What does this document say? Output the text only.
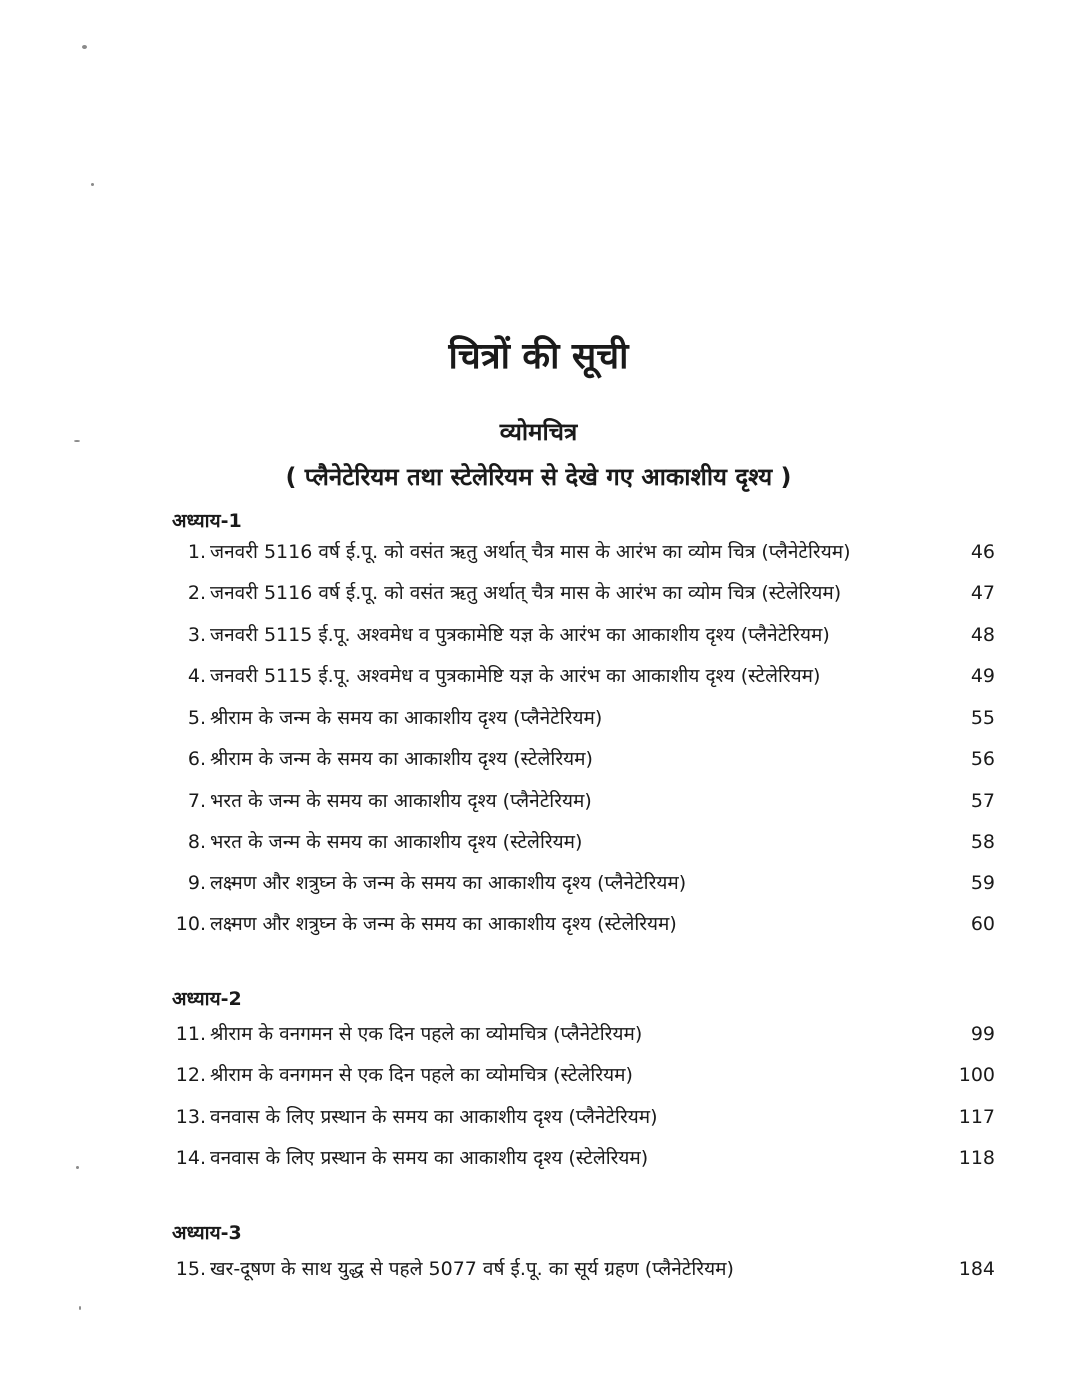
चित्रों की सूची
व्योमचित्र
( प्लैनेटेरियम तथा स्टेलेरियम से देखे गए आकाशीय दृश्य )
अध्याय-1
1. जनवरी 5116 वर्ष ई.पू. को वसंत ऋतु अर्थात् चैत्र मास के आरंभ का व्योम चित्र (प्लैनेटेरियम)	46
2. जनवरी 5116 वर्ष ई.पू. को वसंत ऋतु अर्थात् चैत्र मास के आरंभ का व्योम चित्र (स्टेलेरियम)	47
3. जनवरी 5115 ई.पू. अश्वमेध व पुत्रकामेष्टि यज्ञ के आरंभ का आकाशीय दृश्य (प्लैनेटेरियम)	48
4. जनवरी 5115 ई.पू. अश्वमेध व पुत्रकामेष्टि यज्ञ के आरंभ का आकाशीय दृश्य (स्टेलेरियम)	49
5. श्रीराम के जन्म के समय का आकाशीय दृश्य (प्लैनेटेरियम)	55
6. श्रीराम के जन्म के समय का आकाशीय दृश्य (स्टेलेरियम)	56
7. भरत के जन्म के समय का आकाशीय दृश्य (प्लैनेटेरियम)	57
8. भरत के जन्म के समय का आकाशीय दृश्य (स्टेलेरियम)	58
9. लक्ष्मण और शत्रुघ्न के जन्म के समय का आकाशीय दृश्य (प्लैनेटेरियम)	59
10. लक्ष्मण और शत्रुघ्न के जन्म के समय का आकाशीय दृश्य (स्टेलेरियम)	60
अध्याय-2
11. श्रीराम के वनगमन से एक दिन पहले का व्योमचित्र (प्लैनेटेरियम)	99
12. श्रीराम के वनगमन से एक दिन पहले का व्योमचित्र (स्टेलेरियम)	100
13. वनवास के लिए प्रस्थान के समय का आकाशीय दृश्य (प्लैनेटेरियम)	117
14. वनवास के लिए प्रस्थान के समय का आकाशीय दृश्य (स्टेलेरियम)	118
अध्याय-3
15. खर-दूषण के साथ युद्ध से पहले 5077 वर्ष ई.पू. का सूर्य ग्रहण (प्लैनेटेरियम)	184
